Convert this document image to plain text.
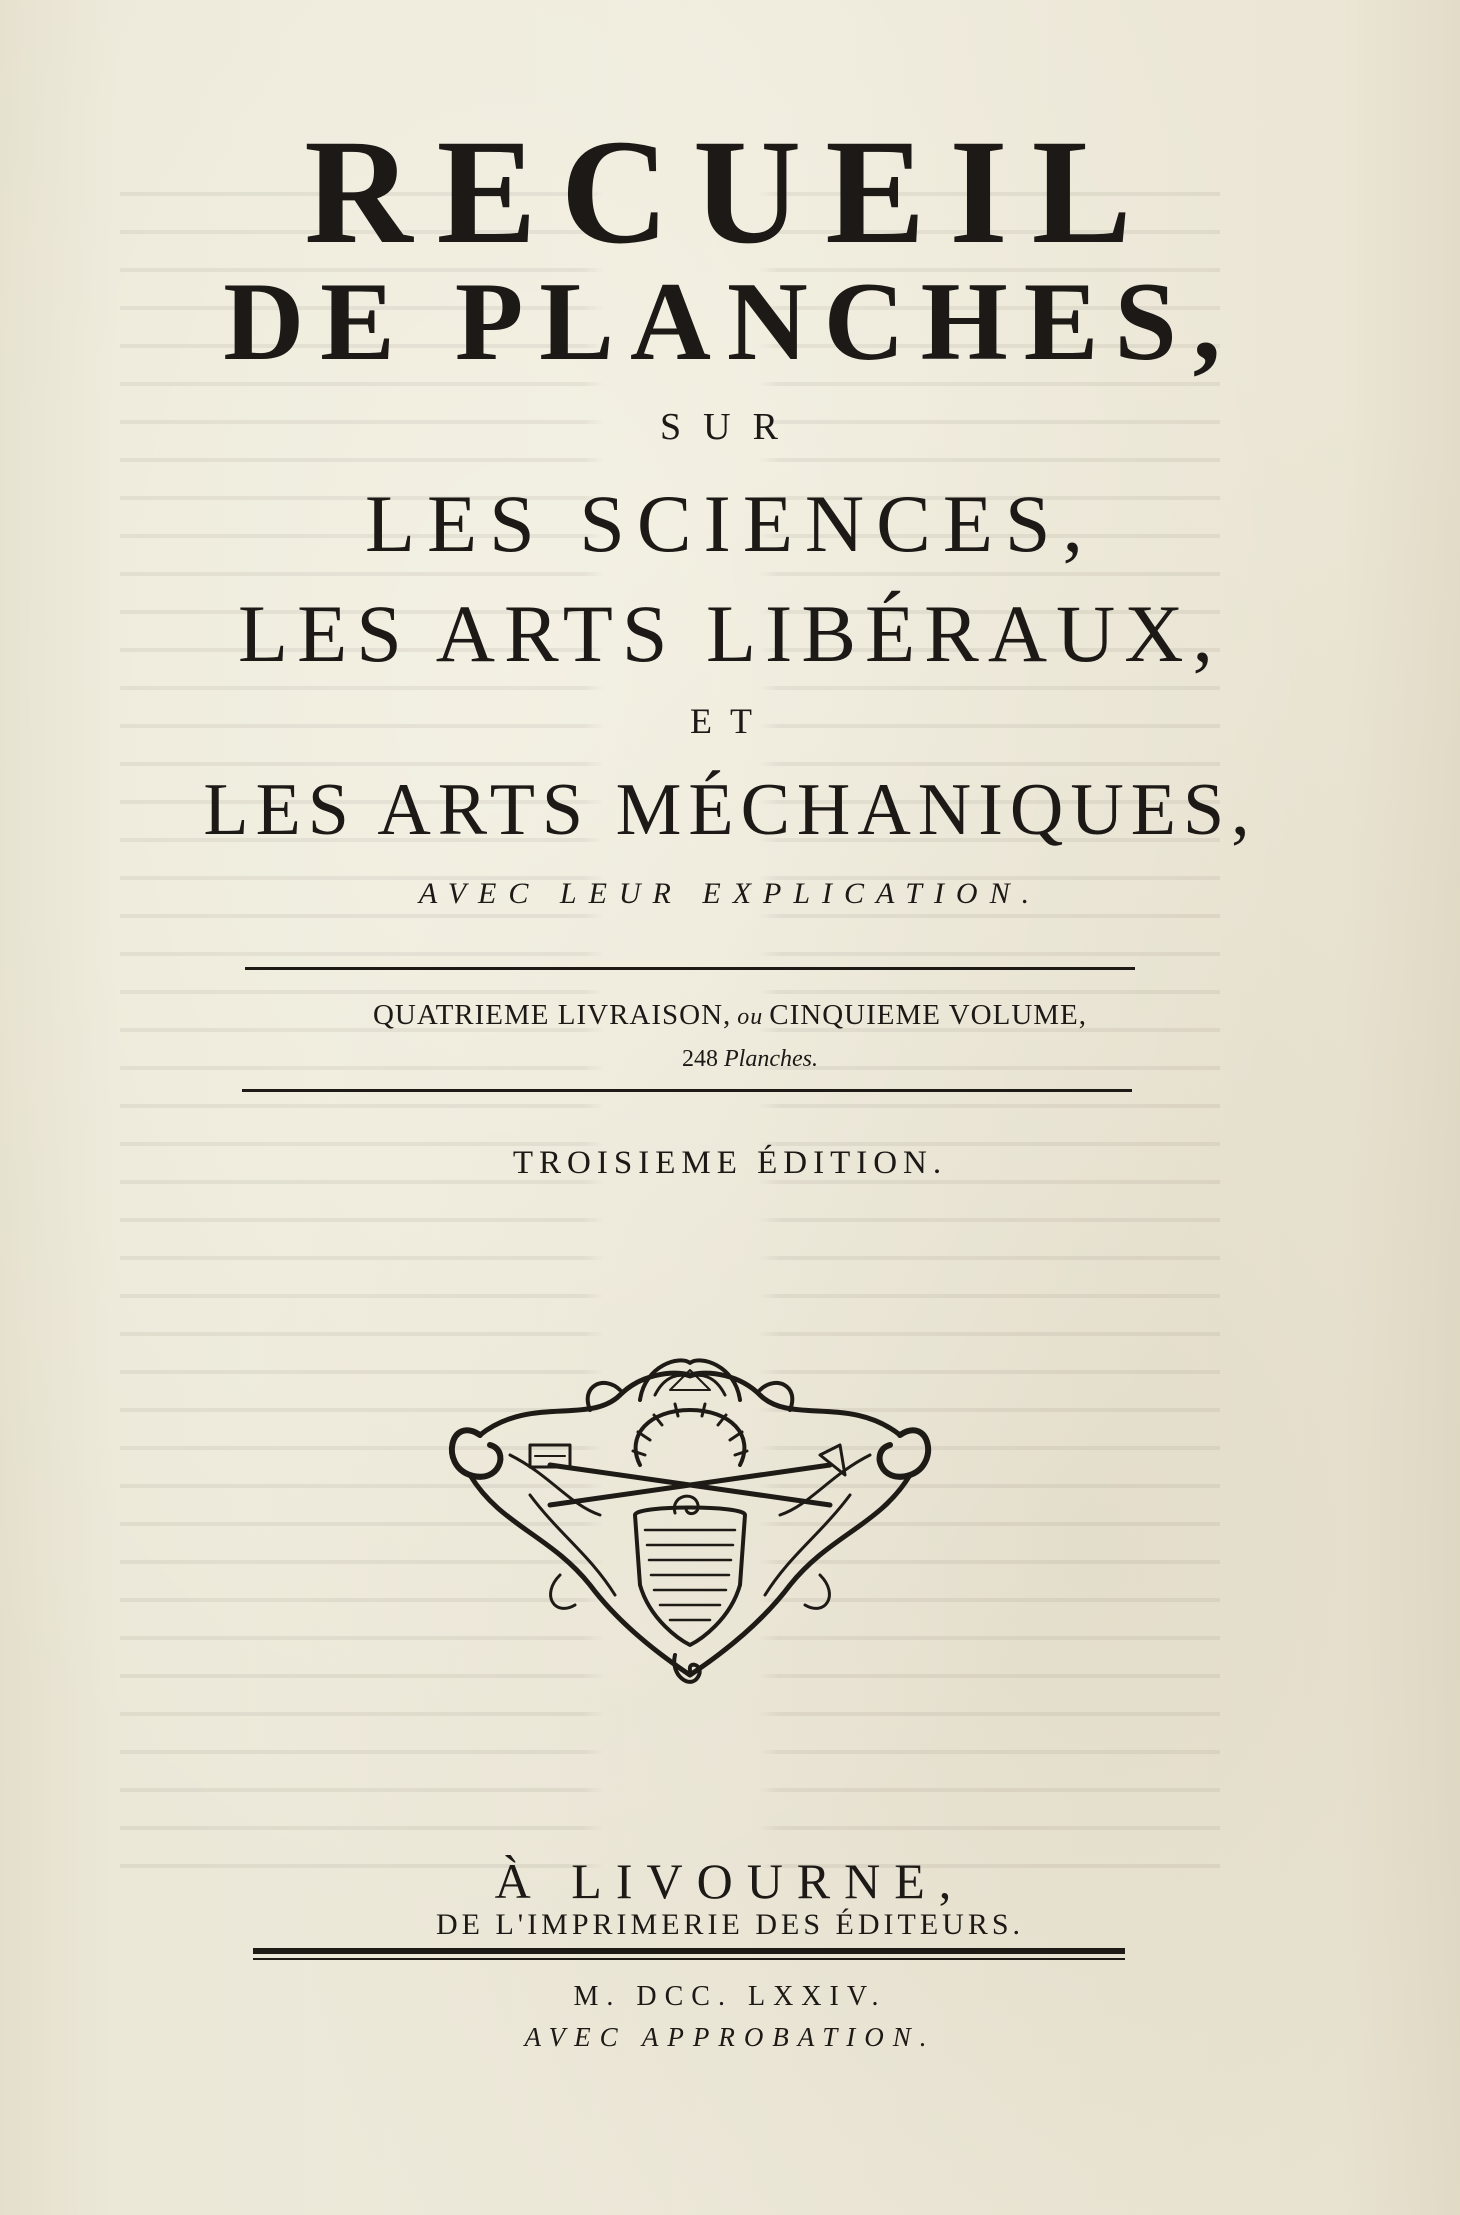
RECUEIL
DE PLANCHES,
SUR
LES SCIENCES,
LES ARTS LIBÉRAUX,
ET
LES ARTS MÉCHANIQUES,
AVEC LEUR EXPLICATION.
QUATRIEME LIVRAISON, ou CINQUIEME VOLUME,
248 Planches.
TROISIEME ÉDITION.
À LIVOURNE,
DE L'IMPRIMERIE DES ÉDITEURS.
M. DCC. LXXIV.
AVEC APPROBATION.
